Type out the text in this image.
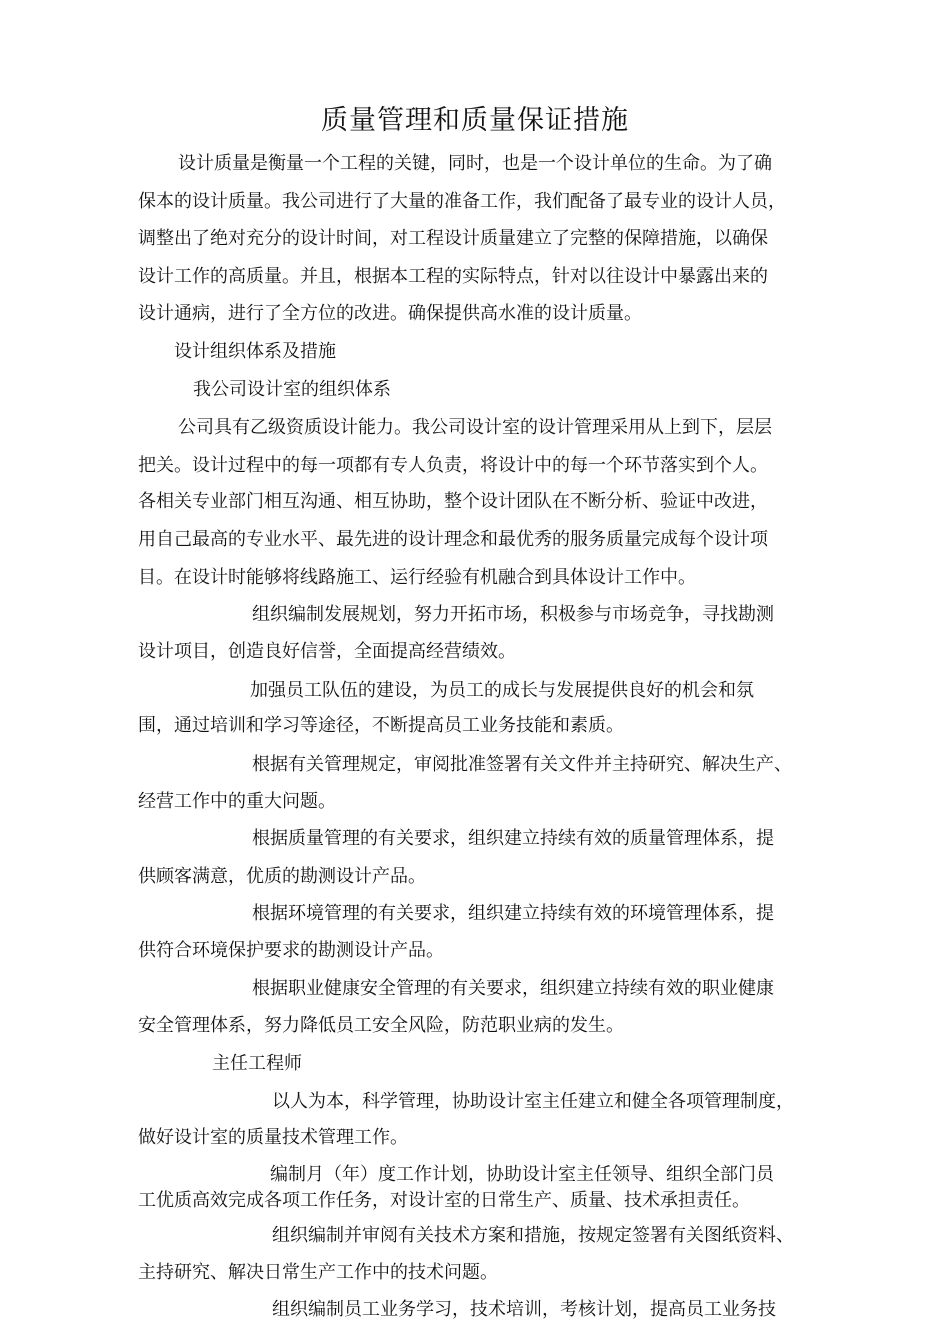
质量管理和质量保证措施
设计质量是衡量一个工程的关键，同时，也是一个设计单位的生命。为了确
保本的设计质量。我公司进行了大量的准备工作，我们配备了最专业的设计人员，
调整出了绝对充分的设计时间，对工程设计质量建立了完整的保障措施，以确保
设计工作的高质量。并且，根据本工程的实际特点，针对以往设计中暴露出来的
设计通病，进行了全方位的改进。确保提供高水准的设计质量。
设计组织体系及措施
我公司设计室的组织体系
公司具有乙级资质设计能力。我公司设计室的设计管理采用从上到下，层层
把关。设计过程中的每一项都有专人负责，将设计中的每一个环节落实到个人。
各相关专业部门相互沟通、相互协助，整个设计团队在不断分析、验证中改进，
用自己最高的专业水平、最先进的设计理念和最优秀的服务质量完成每个设计项
目。在设计时能够将线路施工、运行经验有机融合到具体设计工作中。
组织编制发展规划，努力开拓市场，积极参与市场竞争，寻找勘测
设计项目，创造良好信誉，全面提高经营绩效。
加强员工队伍的建设，为员工的成长与发展提供良好的机会和氛
围，通过培训和学习等途径，不断提高员工业务技能和素质。
根据有关管理规定，审阅批准签署有关文件并主持研究、解决生产、
经营工作中的重大问题。
根据质量管理的有关要求，组织建立持续有效的质量管理体系，提
供顾客满意，优质的勘测设计产品。
根据环境管理的有关要求，组织建立持续有效的环境管理体系，提
供符合环境保护要求的勘测设计产品。
根据职业健康安全管理的有关要求，组织建立持续有效的职业健康
安全管理体系，努力降低员工安全风险，防范职业病的发生。
主任工程师
以人为本，科学管理，协助设计室主任建立和健全各项管理制度，
做好设计室的质量技术管理工作。
编制月（年）度工作计划，协助设计室主任领导、组织全部门员
工优质高效完成各项工作任务，对设计室的日常生产、质量、技术承担责任。
组织编制并审阅有关技术方案和措施，按规定签署有关图纸资料、
主持研究、解决日常生产工作中的技术问题。
组织编制员工业务学习，技术培训，考核计划，提高员工业务技
